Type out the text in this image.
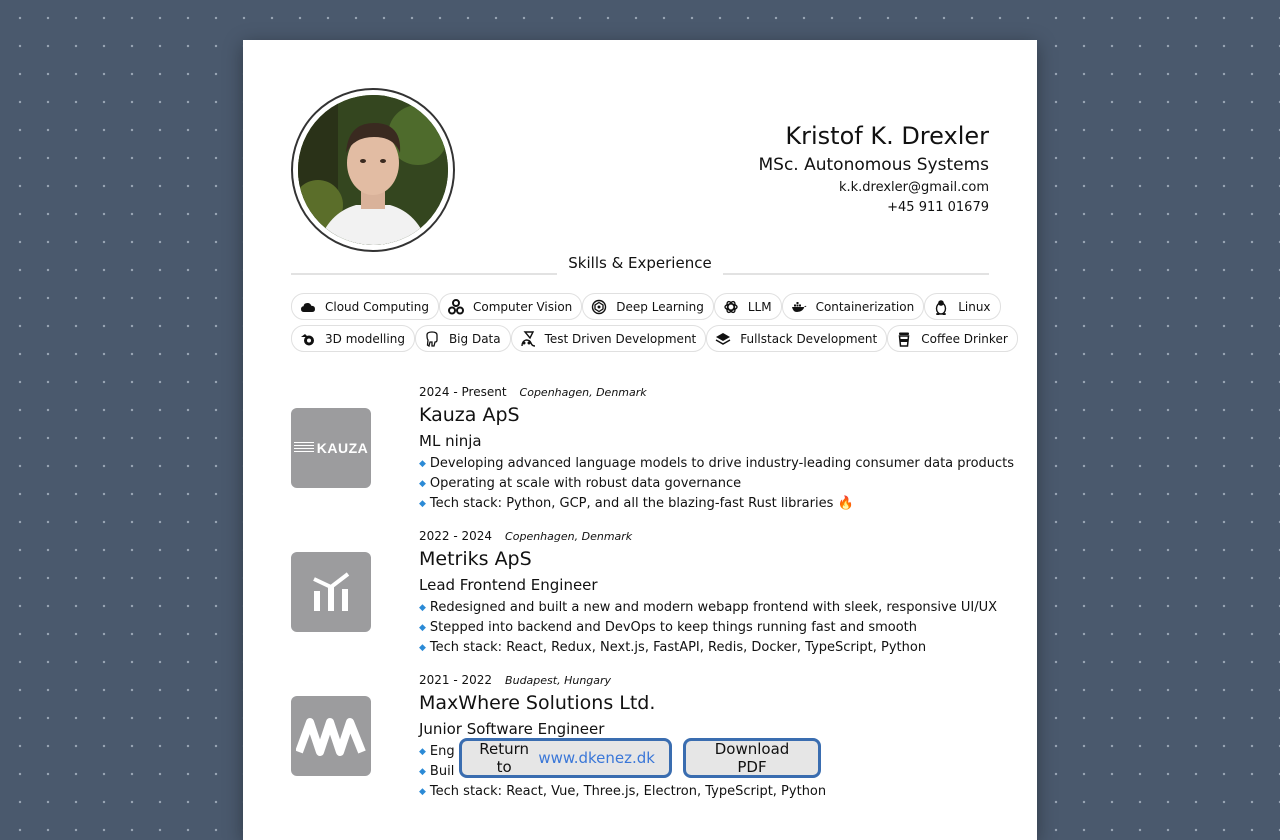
Kristof K. Drexler
MSc. Autonomous Systems
k.k.drexler@gmail.com
+45 911 01679
Skills & Experience
Cloud Computing	Computer Vision	Deep Learning	LLM	Containerization	Linux
3D modelling	Big Data	Test Driven Development	Fullstack Development	Coffee Drinker
KAUZA
2024 - Present Copenhagen, Denmark
Kauza ApS
ML ninja
◆ Developing advanced language models to drive industry-leading consumer data products
◆ Operating at scale with robust data governance
◆ Tech stack: Python, GCP, and all the blazing-fast Rust libraries 🔥
2022 - 2024 Copenhagen, Denmark
Metriks ApS
Lead Frontend Engineer
◆ Redesigned and built a new and modern webapp frontend with sleek, responsive UI/UX
◆ Stepped into backend and DevOps to keep things running fast and smooth
◆ Tech stack: React, Redux, Next.js, FastAPI, Redis, Docker, TypeScript, Python
2021 - 2022 Budapest, Hungary
MaxWhere Solutions Ltd.
Junior Software Engineer
◆ Eng
◆ Buil
◆ Tech stack: React, Vue, Three.js, Electron, TypeScript, Python
Return to	www.dkenez.dk	Download PDF
